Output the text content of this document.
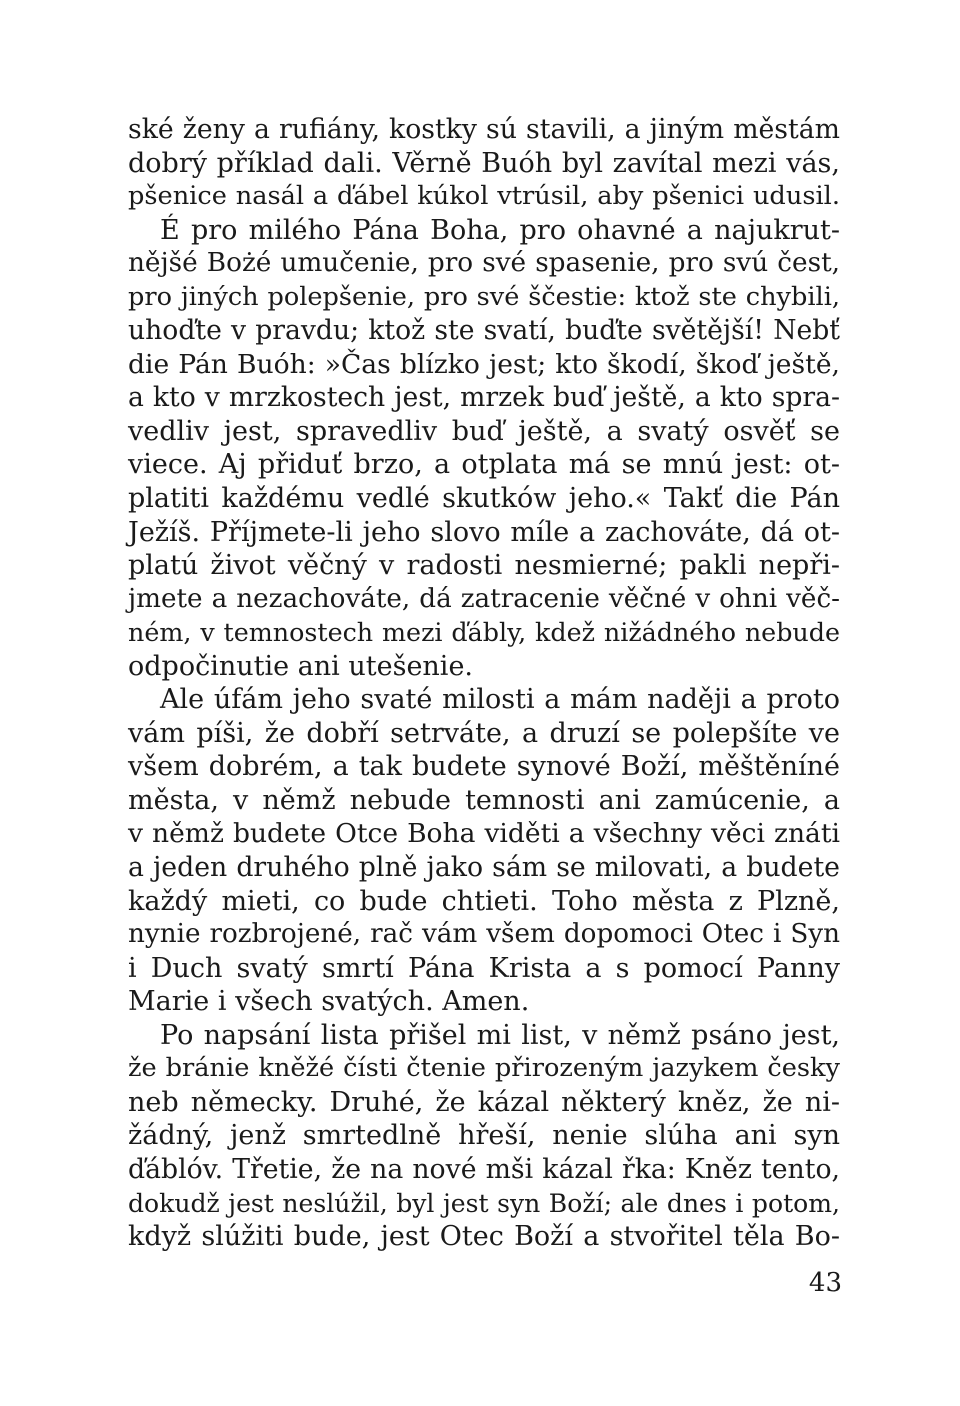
ské ženy a rufiány, kostky sú stavili, a jiným městám
dobrý příklad dali. Věrně Buóh byl zavítal mezi vás,
pšenice nasál a ďábel kúkol vtrúsil, aby pšenici udusil.
É pro milého Pána Boha, pro ohavné a najukrut-
nějšé Bożé umučenie, pro své spasenie, pro svú čest,
pro jiných polepšenie, pro své ščestie: ktož ste chybili,
uhoďte v pravdu; ktož ste svatí, buďte světější! Nebť
die Pán Buóh: »Čas blízko jest; kto škodí, škoď ještě,
a kto v mrzkostech jest, mrzek buď ještě, a kto spra-
vedliv jest, spravedliv buď ještě, a svatý osvěť se
viece. Aj přiduť brzo, a otplata má se mnú jest: ot-
platiti každému vedlé skutków jeho.« Takť die Pán
Ježíš. Příjmete-li jeho slovo míle a zachováte, dá ot-
platú život věčný v radosti nesmierné; pakli nepři-
jmete a nezachováte, dá zatracenie věčné v ohni věč-
ném, v temnostech mezi ďábly, kdež nižádného nebude
odpočinutie ani utešenie.
Ale úfám jeho svaté milosti a mám naději a proto
vám píši, že dobří setrváte, a druzí se polepšíte ve
všem dobrém, a tak budete synové Boží, měštěníné
města, v němž nebude temnosti ani zamúcenie, a
v němž budete Otce Boha viděti a všechny věci znáti
a jeden druhého plně jako sám se milovati, a budete
každý mieti, co bude chtieti. Toho města z Plzně,
nynie rozbrojené, rač vám všem dopomoci Otec i Syn
i Duch svatý smrtí Pána Krista a s pomocí Panny
Marie i všech svatých. Amen.
Po napsání lista přišel mi list, v němž psáno jest,
že bránie kněžé čísti čtenie přirozeným jazykem česky
neb německy. Druhé, že kázal některý kněz, že ni-
žádný, jenž smrtedlně hřeší, nenie slúha ani syn
ďáblóv. Třetie, že na nové mši kázal řka: Kněz tento,
dokudž jest neslúžil, byl jest syn Boží; ale dnes i potom,
když slúžiti bude, jest Otec Boží a stvořitel těla Bo-
43
